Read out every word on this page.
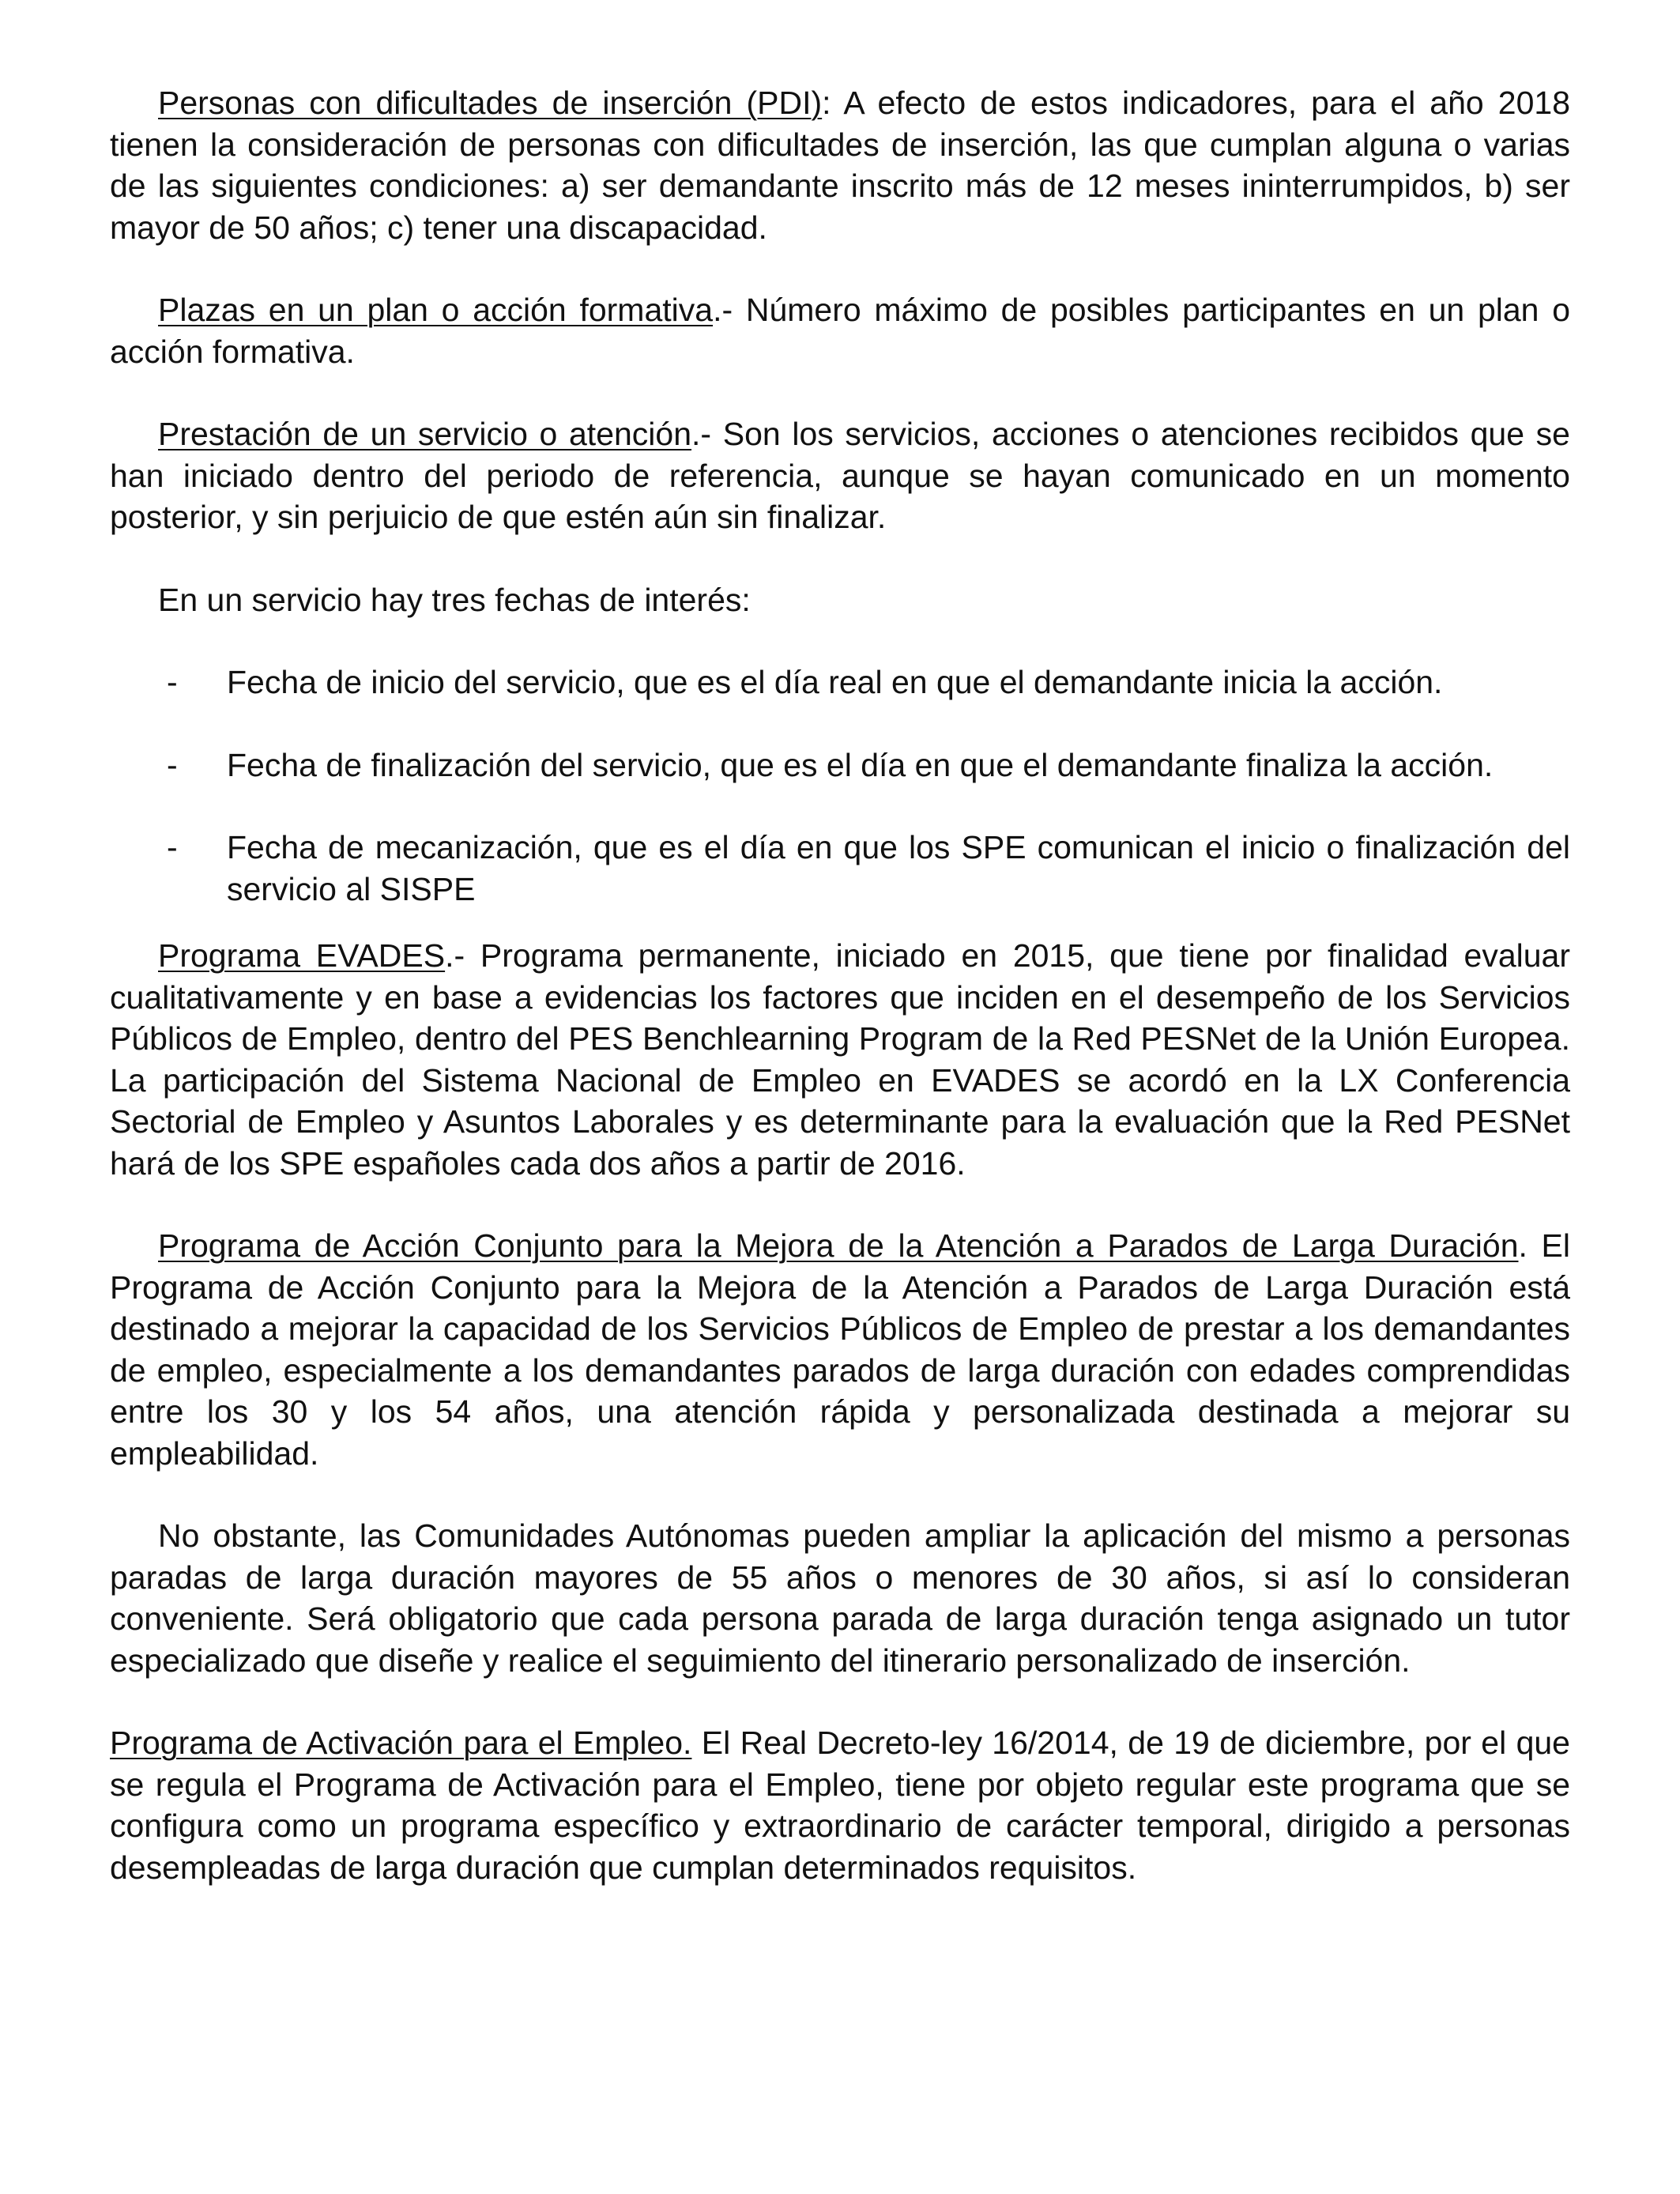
Personas con dificultades de inserción (PDI): A efecto de estos indicadores, para el año 2018 tienen la consideración de personas con dificultades de inserción, las que cumplan alguna o varias de las siguientes condiciones: a) ser demandante inscrito más de 12 meses ininterrumpidos, b) ser mayor de 50 años; c) tener una discapacidad.

Plazas en un plan o acción formativa.- Número máximo de posibles participantes en un plan o acción formativa.

Prestación de un servicio o atención.- Son los servicios, acciones o atenciones recibidos que se han iniciado dentro del periodo de referencia, aunque se hayan comunicado en un momento posterior, y sin perjuicio de que estén aún sin finalizar.

En un servicio hay tres fechas de interés:

- Fecha de inicio del servicio, que es el día real en que el demandante inicia la acción.
- Fecha de finalización del servicio, que es el día en que el demandante finaliza la acción.
- Fecha de mecanización, que es el día en que los SPE comunican el inicio o finalización del servicio al SISPE

Programa EVADES.- Programa permanente, iniciado en 2015, que tiene por finalidad evaluar cualitativamente y en base a evidencias los factores que inciden en el desempeño de los Servicios Públicos de Empleo, dentro del PES Benchlearning Program de la Red PESNet de la Unión Europea. La participación del Sistema Nacional de Empleo en EVADES se acordó en la LX Conferencia Sectorial de Empleo y Asuntos Laborales y es determinante para la evaluación que la Red PESNet hará de los SPE españoles cada dos años a partir de 2016.

Programa de Acción Conjunto para la Mejora de la Atención a Parados de Larga Duración. El Programa de Acción Conjunto para la Mejora de la Atención a Parados de Larga Duración está destinado a mejorar la capacidad de los Servicios Públicos de Empleo de prestar a los demandantes de empleo, especialmente a los demandantes parados de larga duración con edades comprendidas entre los 30 y los 54 años, una atención rápida y personalizada destinada a mejorar su empleabilidad.

No obstante, las Comunidades Autónomas pueden ampliar la aplicación del mismo a personas paradas de larga duración mayores de 55 años o menores de 30 años, si así lo consideran conveniente. Será obligatorio que cada persona parada de larga duración tenga asignado un tutor especializado que diseñe y realice el seguimiento del itinerario personalizado de inserción.

Programa de Activación para el Empleo. El Real Decreto-ley 16/2014, de 19 de diciembre, por el que se regula el Programa de Activación para el Empleo, tiene por objeto regular este programa que se configura como un programa específico y extraordinario de carácter temporal, dirigido a personas desempleadas de larga duración que cumplan determinados requisitos.
